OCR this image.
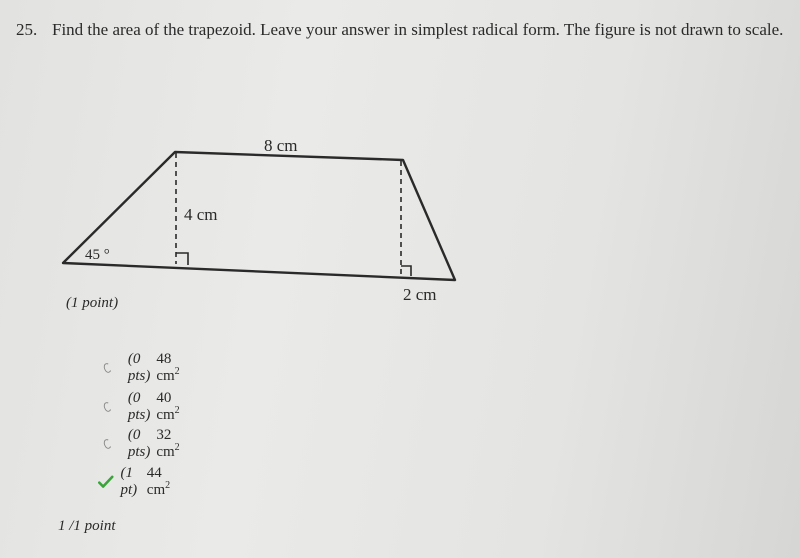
25. Find the area of the trapezoid. Leave your answer in simplest radical form. The figure is not drawn to scale.
8 cm
4 cm
45 °
2 cm
(1 point)
(0 pts)
48 $cm^2$
(0 pts)
40 $cm^2$
(0 pts)
32 $cm^2$
(1 pt)
44 $cm^2$
1 /1 point
